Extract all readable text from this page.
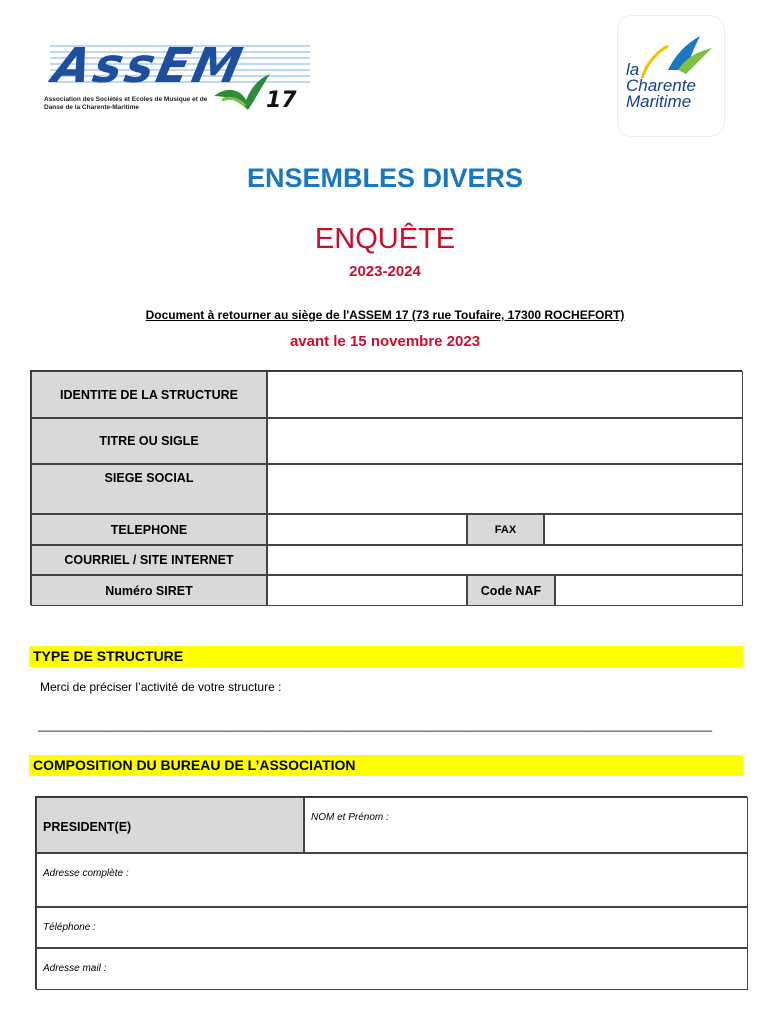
AssEM
17
Association des Sociétés et Ecoles de Musique et de Danse de la Charente-Maritime
la
Charente
Maritime
ENSEMBLES DIVERS
ENQUÊTE
2023-2024
Document à retourner au siège de l'ASSEM 17 (73 rue Toufaire, 17300 ROCHEFORT)
avant le 15 novembre 2023
IDENTITE DE LA STRUCTURE
TITRE OU SIGLE
SIEGE SOCIAL
TELEPHONE	FAX
COURRIEL / SITE INTERNET
Numéro SIRET	Code NAF
TYPE DE STRUCTURE
Merci de préciser l’activité de votre structure :
_____________________________________________________________________________________________________
COMPOSITION DU BUREAU DE L’ASSOCIATION
PRESIDENT(E)
NOM et Prénom :
Adresse complète :
Téléphone :
Adresse mail :
